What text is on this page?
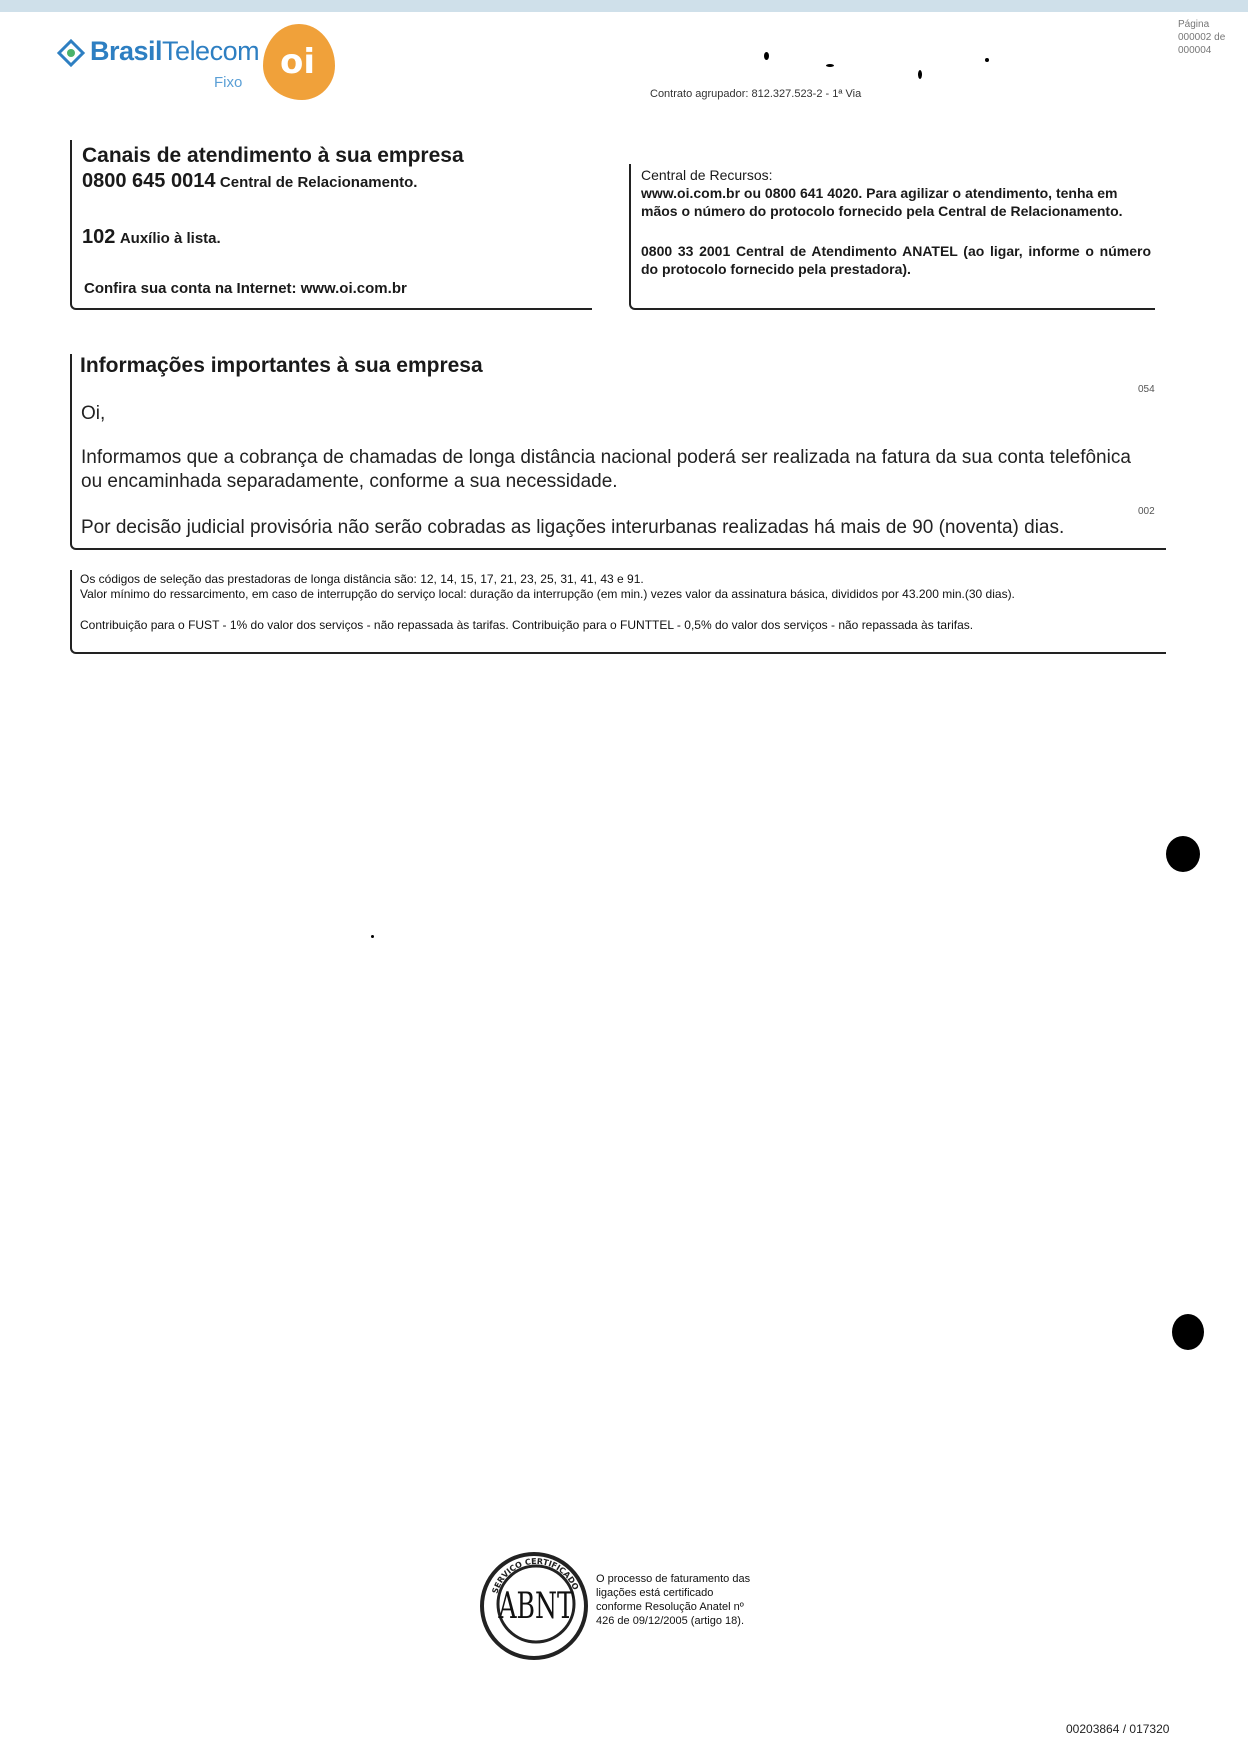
BrasilTelecom
Fixo
oi
Página
000002 de
000004
Contrato agrupador: 812.327.523-2 - 1ª Via
Canais de atendimento à sua empresa
0800 645 0014 Central de Relacionamento.
102 Auxílio à lista.
Confira sua conta na Internet: www.oi.com.br
Central de Recursos:
www.oi.com.br ou 0800 641 4020. Para agilizar o atendimento, tenha em mãos o número do protocolo fornecido pela Central de Relacionamento.
0800 33 2001 Central de Atendimento ANATEL (ao ligar, informe o número do protocolo fornecido pela prestadora).
Informações importantes à sua empresa
054
Oi,
Informamos que a cobrança de chamadas de longa distância nacional poderá ser realizada na fatura da sua conta telefônica ou encaminhada separadamente, conforme a sua necessidade.
002
Por decisão judicial provisória não serão cobradas as ligações interurbanas realizadas há mais de 90 (noventa) dias.
Os códigos de seleção das prestadoras de longa distância são: 12, 14, 15, 17, 21, 23, 25, 31, 41, 43 e 91.
Valor mínimo do ressarcimento, em caso de interrupção do serviço local: duração da interrupção (em min.) vezes valor da assinatura básica, divididos por 43.200 min.(30 dias).
Contribuição para o FUST - 1% do valor dos serviços - não repassada às tarifas. Contribuição para o FUNTTEL - 0,5% do valor dos serviços - não repassada às tarifas.
SERVIÇO CERTIFICADO
ABNT
O processo de faturamento das ligações está certificado conforme Resolução Anatel nº 426 de 09/12/2005 (artigo 18).
00203864 / 017320
